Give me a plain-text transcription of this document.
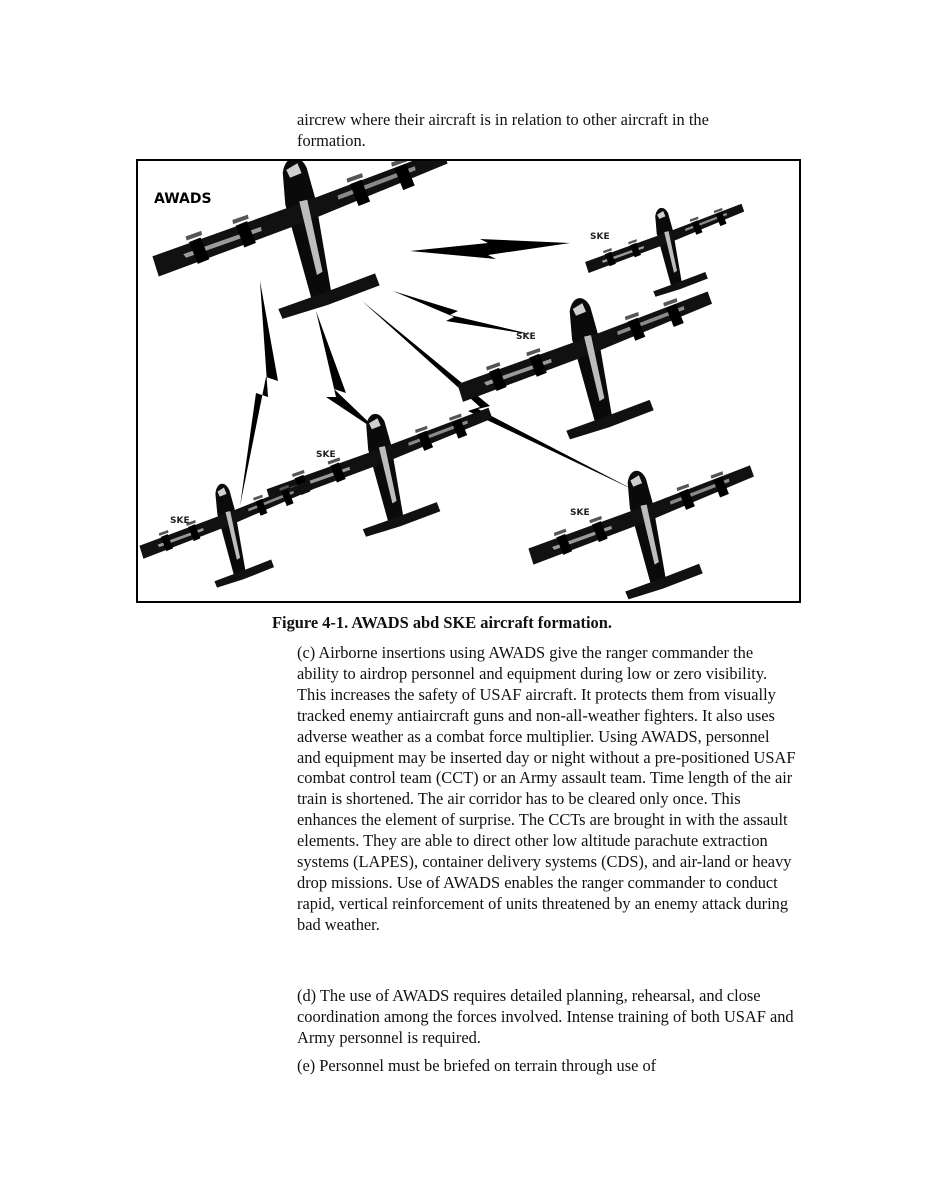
aircrew where their aircraft is in relation to other aircraft in the formation.

AWADS
SKE
SKE
SKE
SKE
SKE

Figure 4-1. AWADS abd SKE aircraft formation.

(c) Airborne insertions using AWADS give the ranger commander the ability to airdrop personnel and equipment during low or zero visibility. This increases the safety of USAF aircraft. It protects them from visually tracked enemy antiaircraft guns and non-all-weather fighters. It also uses adverse weather as a combat force multiplier. Using AWADS, personnel and equipment may be inserted day or night without a pre-positioned USAF combat control team (CCT) or an Army assault team. Time length of the air train is shortened. The air corridor has to be cleared only once. This enhances the element of surprise. The CCTs are brought in with the assault elements. They are able to direct other low altitude parachute extraction systems (LAPES), container delivery systems (CDS), and air-land or heavy drop missions. Use of AWADS enables the ranger commander to conduct rapid, vertical reinforcement of units threatened by an enemy attack during bad weather.

(d) The use of AWADS requires detailed planning, rehearsal, and close coordination among the forces involved. Intense training of both USAF and Army personnel is required.

(e) Personnel must be briefed on terrain through use of
